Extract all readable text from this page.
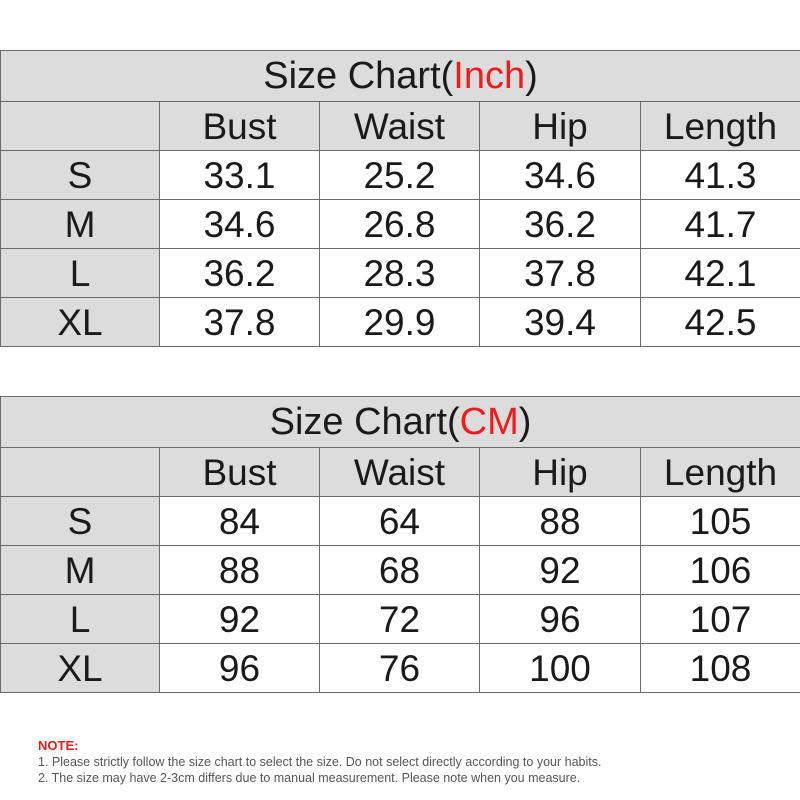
Size Chart(Inch)				
	Bust	Waist	Hip	Length
S	33.1	25.2	34.6	41.3
M	34.6	26.8	36.2	41.7
L	36.2	28.3	37.8	42.1
XL	37.8	29.9	39.4	42.5
Size Chart(CM)				
	Bust	Waist	Hip	Length
S	84	64	88	105
M	88	68	92	106
L	92	72	96	107
XL	96	76	100	108
NOTE:
1. Please strictly follow the size chart to select the size. Do not select directly according to your habits.
2. The size may have 2-3cm differs due to manual measurement. Please note when you measure.
